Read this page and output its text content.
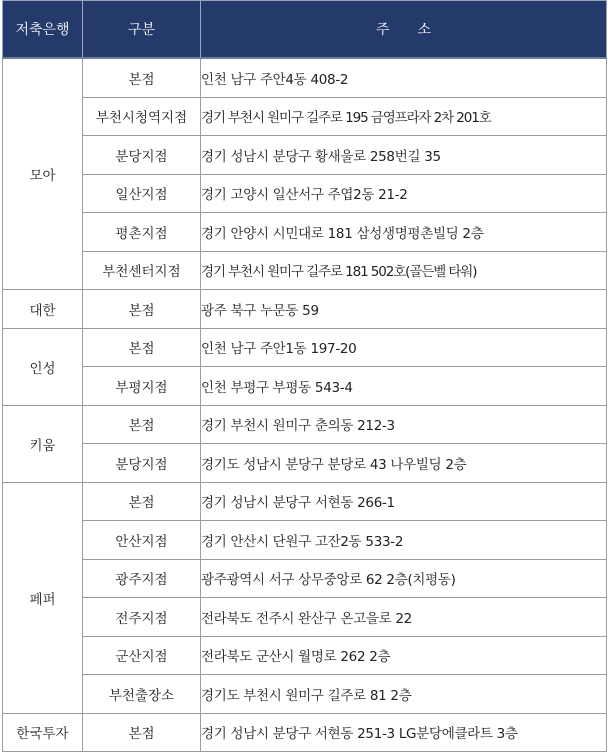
저축은행	구분	주　　소
모아	본점	인천 남구 주안4동 408-2
	부천시청역지점	경기 부천시 원미구 길주로 195 금영프라자 2차 201호
	분당지점	경기 성남시 분당구 황새울로 258번길 35
	일산지점	경기 고양시 일산서구 주엽2동 21-2
	평촌지점	경기 안양시 시민대로 181 삼성생명평촌빌딩 2층
	부천센터지점	경기 부천시 원미구 길주로 181 502호(골든벨 타워)
대한	본점	광주 북구 누문동 59
인성	본점	인천 남구 주안1동 197-20
	부평지점	인천 부평구 부평동 543-4
키움	본점	경기 부천시 원미구 춘의동 212-3
	분당지점	경기도 성남시 분당구 분당로 43 나우빌딩 2층
페퍼	본점	경기 성남시 분당구 서현동 266-1
	안산지점	경기 안산시 단원구 고잔2동 533-2
	광주지점	광주광역시 서구 상무중앙로 62 2층(치평동)
	전주지점	전라북도 전주시 완산구 온고을로 22
	군산지점	전라북도 군산시 월명로 262 2층
	부천출장소	경기도 부천시 원미구 길주로 81 2층
한국투자	본점	경기 성남시 분당구 서현동 251-3 LG분당에클라트 3층
